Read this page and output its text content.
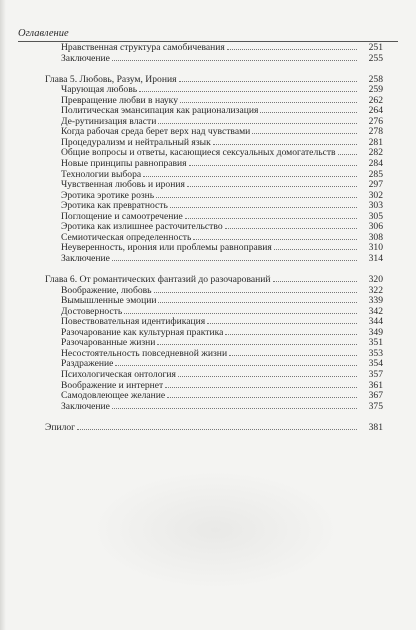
Оглавление
Нравственная структура самобичевания	251
Заключение	255
Глава 5. Любовь, Разум, Ирония	258
Чарующая любовь	259
Превращение любви в науку	262
Политическая эмансипация как рационализация	264
Де-рутинизация власти	276
Когда рабочая среда берет верх над чувствами	278
Процедурализм и нейтральный язык	281
Общие вопросы и ответы, касающиеся сексуальных домогательств	282
Новые принципы равноправия	284
Технологии выбора	285
Чувственная любовь и ирония	297
Эротика эротике рознь	302
Эротика как превратность	303
Поглощение и самоотречение	305
Эротика как излишнее расточительство	306
Семиотическая определенность	308
Неуверенность, ирония или проблемы равноправия	310
Заключение	314
Глава 6. От романтических фантазий до разочарований	320
Воображение, любовь	322
Вымышленные эмоции	339
Достоверность	342
Повествовательная идентификация	344
Разочарование как культурная практика	349
Разочарованные жизни	351
Несостоятельность повседневной жизни	353
Раздражение	354
Психологическая онтология	357
Воображение и интернет	361
Самодовлеющее желание	367
Заключение	375
Эпилог	381
